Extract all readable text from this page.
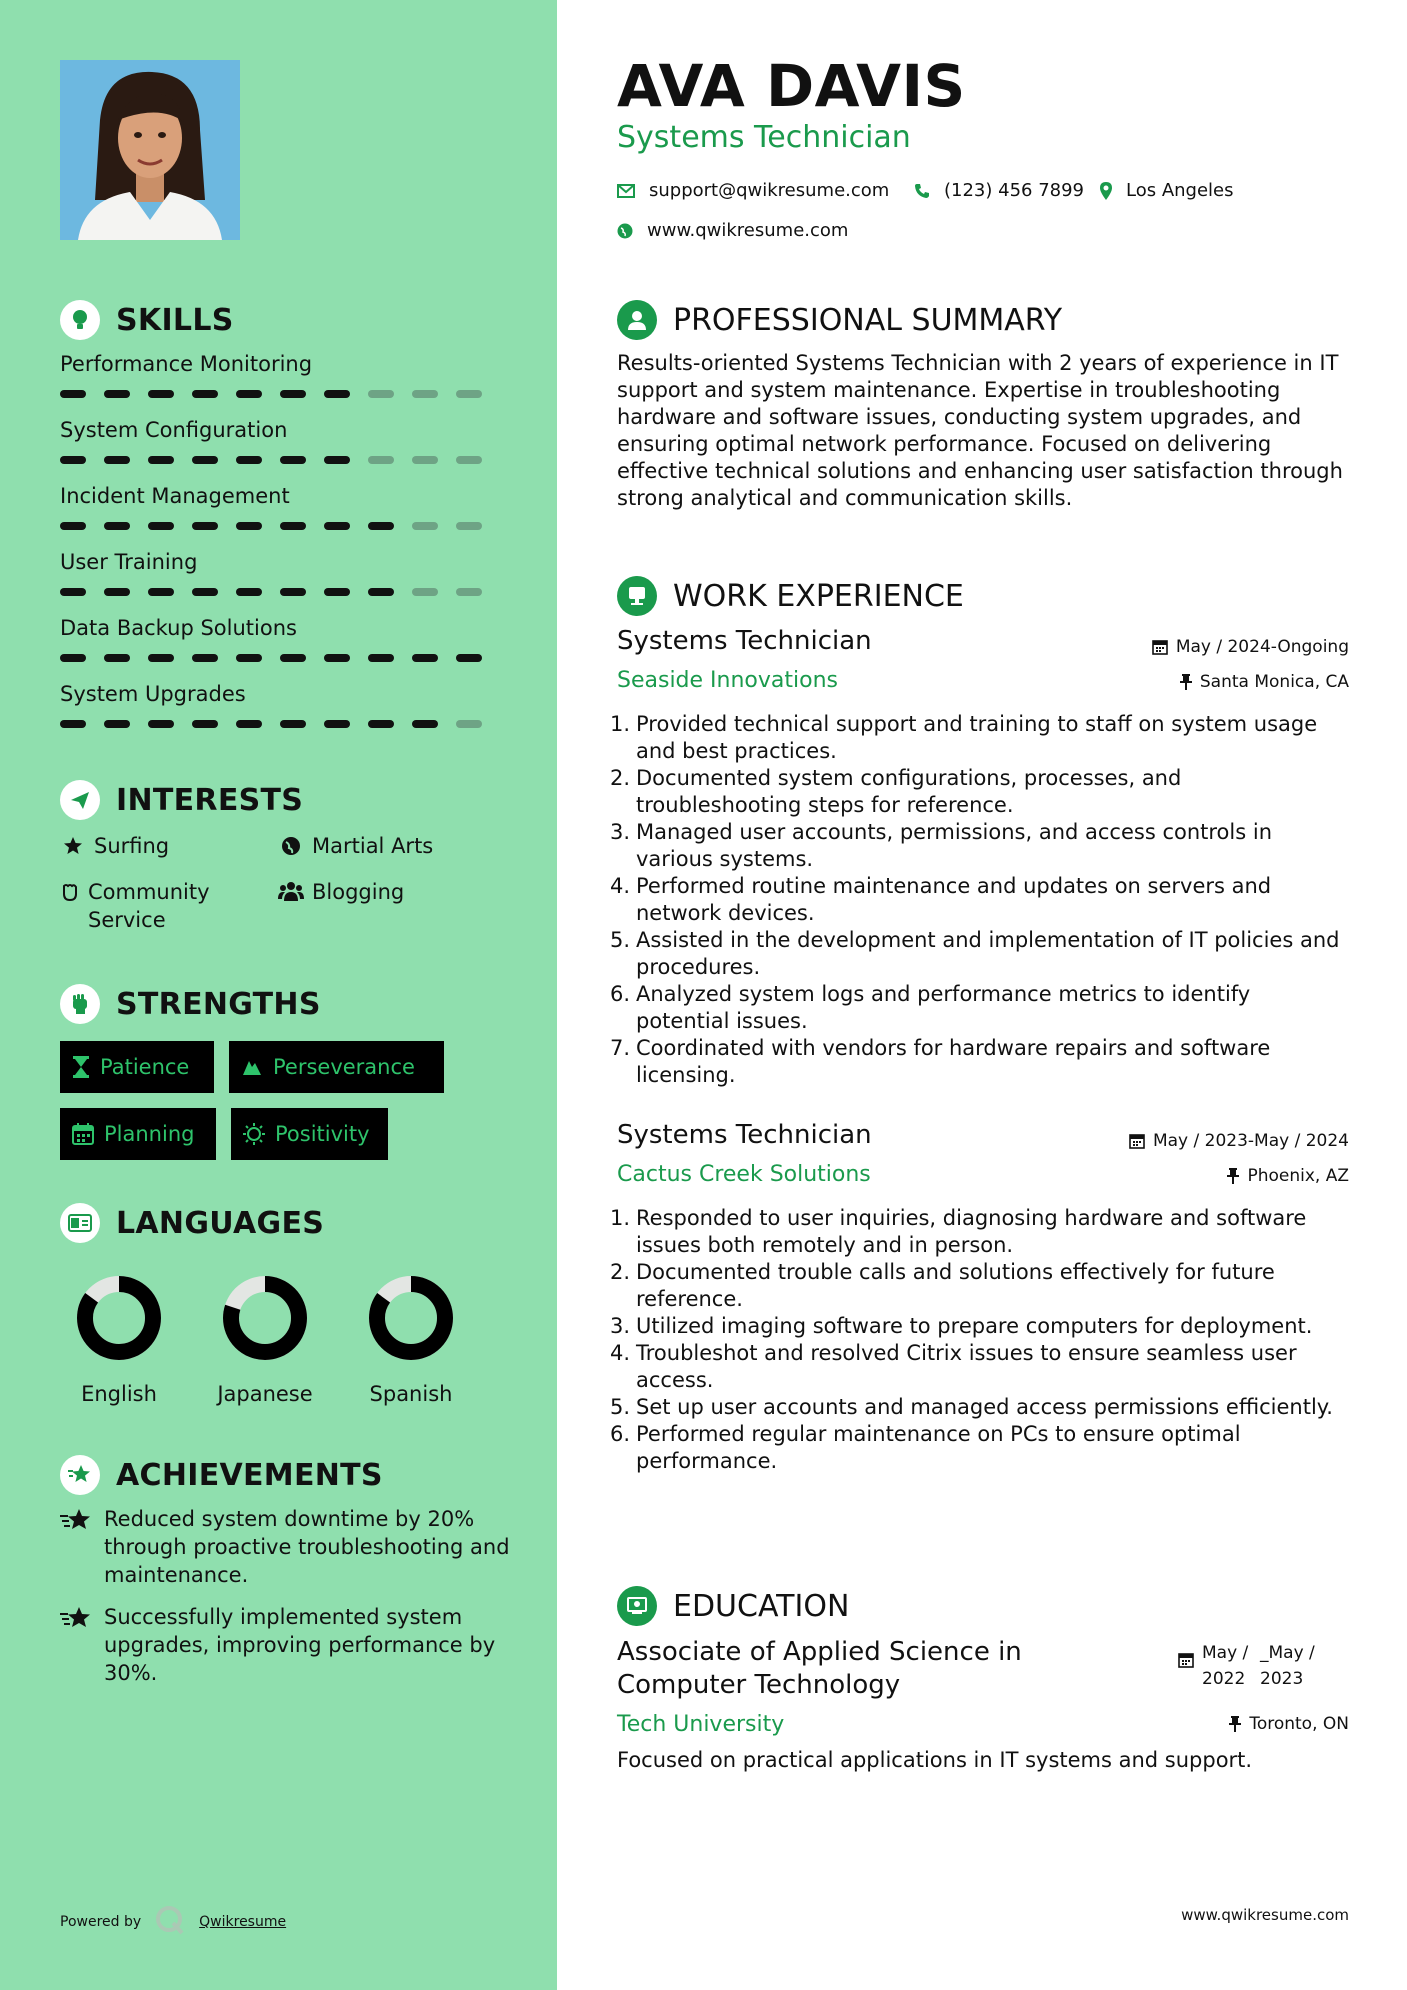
SKILLS
Performance Monitoring
System Configuration
Incident Management
User Training
Data Backup Solutions
System Upgrades
INTERESTS
Surfing	Martial Arts
Community Service
Blogging
STRENGTHS
Patience	Perseverance
Planning	Positivity
LANGUAGES
English	Japanese	Spanish
ACHIEVEMENTS
Reduced system downtime by 20% through proactive troubleshooting and maintenance.
Successfully implemented system upgrades, improving performance by 30%.
Powered by	Qwikresume
AVA DAVIS
Systems Technician
support@qwikresume.com	(123) 456 7899 Los Angeles
www.qwikresume.com
PROFESSIONAL SUMMARY
Results-oriented Systems Technician with 2 years of experience in IT support and system maintenance. Expertise in troubleshooting hardware and software issues, conducting system upgrades, and ensuring optimal network performance. Focused on delivering effective technical solutions and enhancing user satisfaction through strong analytical and communication skills.
WORK EXPERIENCE
Systems Technician	May / 2024-Ongoing
Seaside Innovations	Santa Monica, CA
1. Provided technical support and training to staff on system usage and best practices.
2. Documented system configurations, processes, and troubleshooting steps for reference.
3. Managed user accounts, permissions, and access controls in various systems.
4. Performed routine maintenance and updates on servers and network devices.
5. Assisted in the development and implementation of IT policies and procedures.
6. Analyzed system logs and performance metrics to identify potential issues.
7. Coordinated with vendors for hardware repairs and software licensing.
Systems Technician	May / 2023-May / 2024
Cactus Creek Solutions	Phoenix, AZ
1. Responded to user inquiries, diagnosing hardware and software issues both remotely and in person.
2. Documented trouble calls and solutions effectively for future reference.
3. Utilized imaging software to prepare computers for deployment.
4. Troubleshot and resolved Citrix issues to ensure seamless user access.
5. Set up user accounts and managed access permissions efficiently.
6. Performed regular maintenance on PCs to ensure optimal performance.
EDUCATION
Associate of Applied Science in Computer Technology
May /
2022
_May /
2023
Tech University	Toronto, ON
Focused on practical applications in IT systems and support.
www.qwikresume.com
